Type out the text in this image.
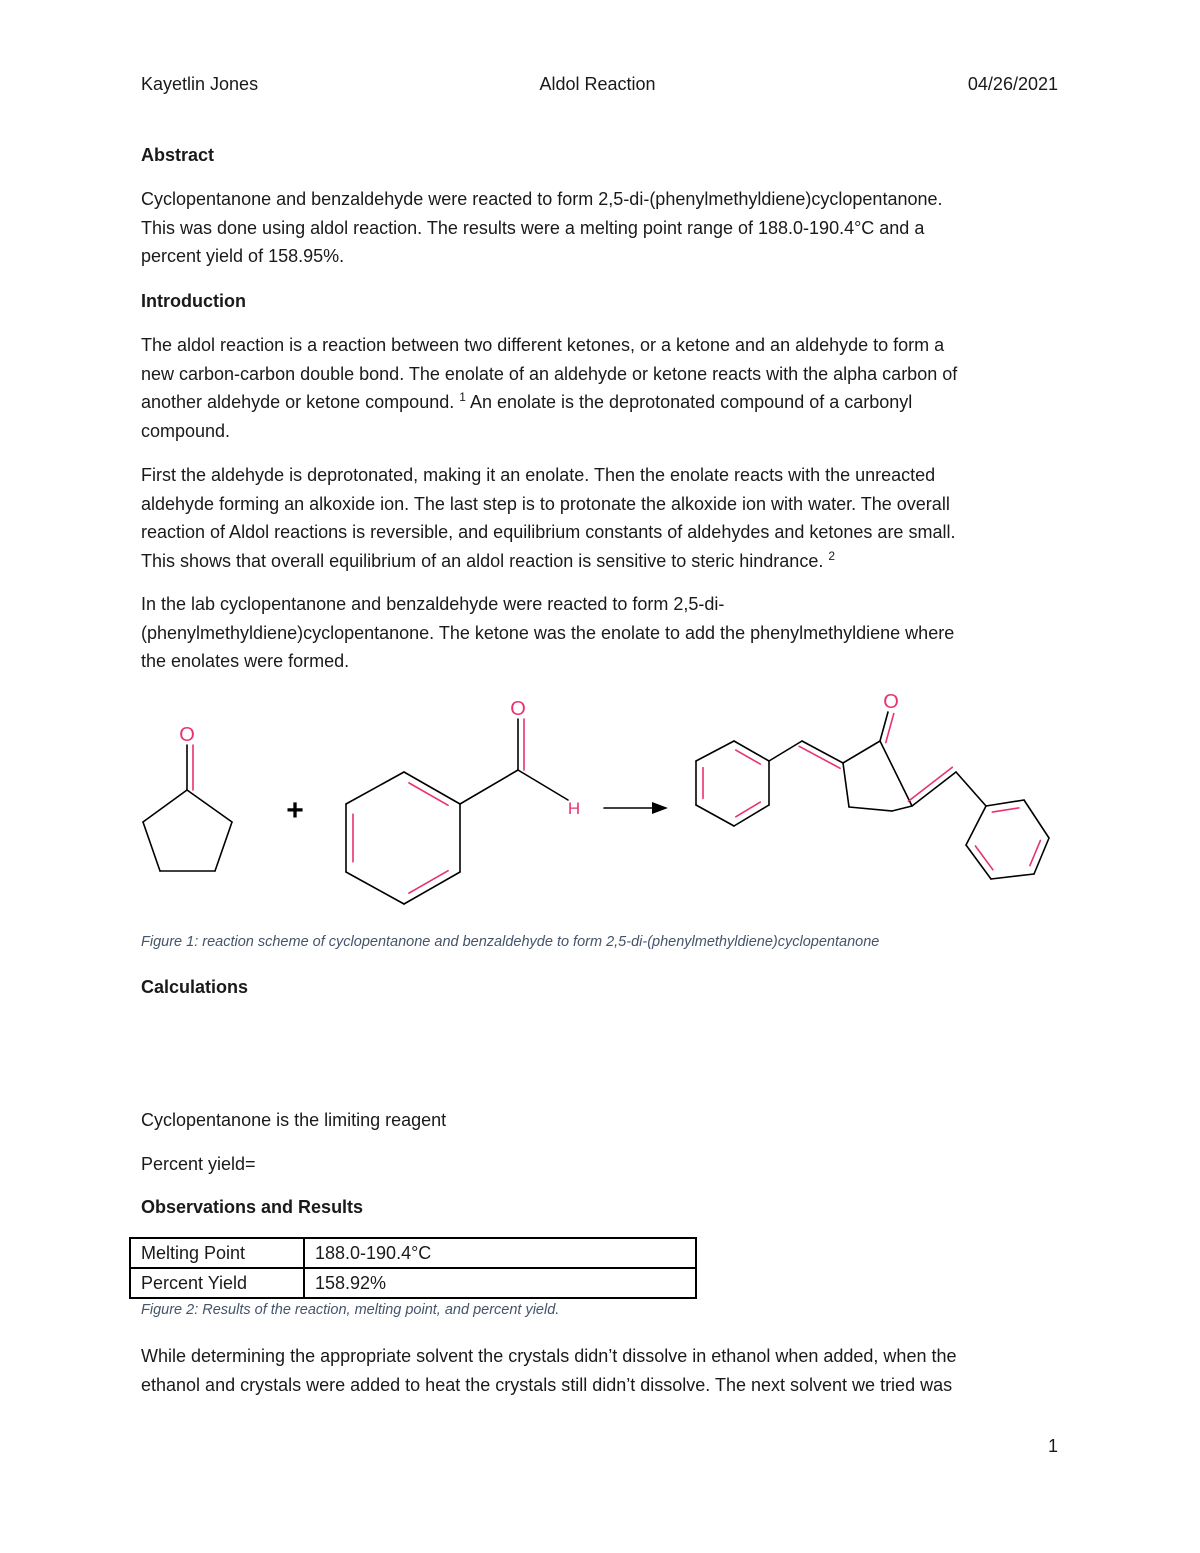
Kayetlin Jones	Aldol Reaction	04/26/2021
Abstract
Cyclopentanone and benzaldehyde were reacted to form 2,5-di-(phenylmethyldiene)cyclopentanone.
This was done using aldol reaction. The results were a melting point range of 188.0-190.4°C and a
percent yield of 158.95%.
Introduction
The aldol reaction is a reaction between two different ketones, or a ketone and an aldehyde to form a
new carbon-carbon double bond. The enolate of an aldehyde or ketone reacts with the alpha carbon of
another aldehyde or ketone compound. $^1$ An enolate is the deprotonated compound of a carbonyl
compound.
First the aldehyde is deprotonated, making it an enolate. Then the enolate reacts with the unreacted
aldehyde forming an alkoxide ion. The last step is to protonate the alkoxide ion with water. The overall
reaction of Aldol reactions is reversible, and equilibrium constants of aldehydes and ketones are small.
This shows that overall equilibrium of an aldol reaction is sensitive to steric hindrance. $^2$
In the lab cyclopentanone and benzaldehyde were reacted to form 2,5-di-
(phenylmethyldiene)cyclopentanone. The ketone was the enolate to add the phenylmethyldiene where
the enolates were formed.
O
+
O
H
O
Figure 1: reaction scheme of cyclopentanone and benzaldehyde to form 2,5-di-(phenylmethyldiene)cyclopentanone
Calculations
Cyclopentanone is the limiting reagent
Percent yield=
Observations and Results
Melting Point	188.0-190.4°C
Percent Yield	158.92%
Figure 2: Results of the reaction, melting point, and percent yield.
While determining the appropriate solvent the crystals didn’t dissolve in ethanol when added, when the
ethanol and crystals were added to heat the crystals still didn’t dissolve. The next solvent we tried was
1
